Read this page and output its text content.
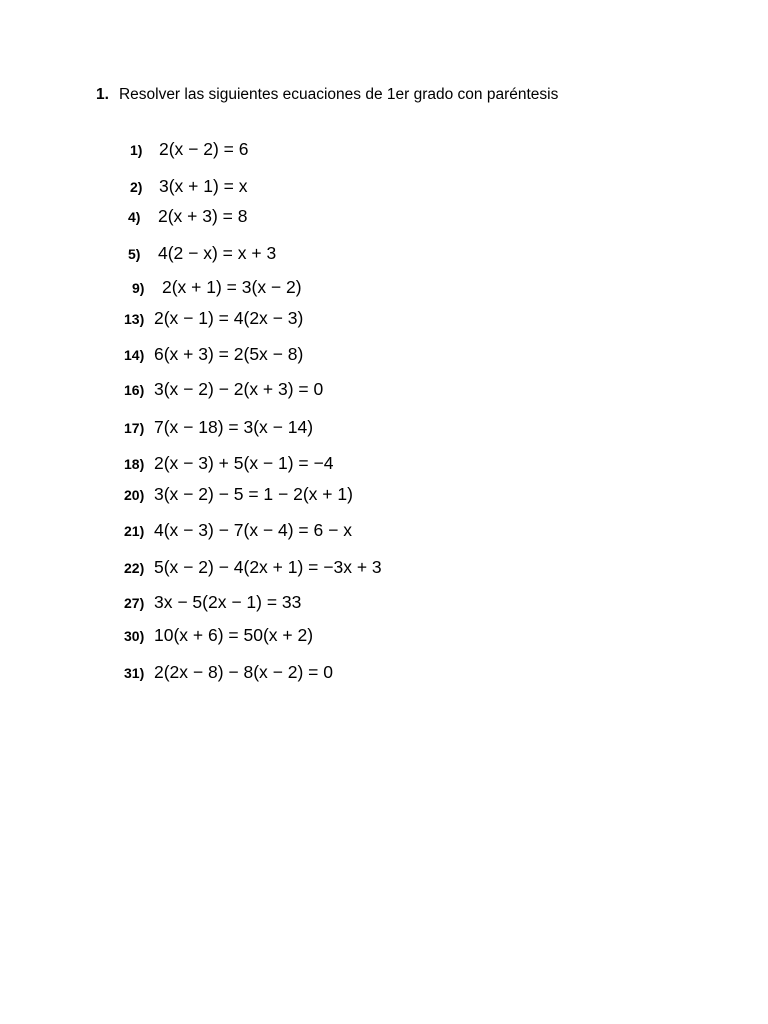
1. Resolver las siguientes ecuaciones de 1er grado con paréntesis
1) 2(x − 2) = 6
2) 3(x + 1) = x
4)	2(x + 3) = 8
5)	4(2 − x) = x + 3
9)	2(x + 1) = 3(x − 2)
13) 2(x − 1) = 4(2x − 3)
14) 6(x + 3) = 2(5x − 8)
16) 3(x − 2) − 2(x + 3) = 0
17) 7(x − 18) = 3(x − 14)
18) 2(x − 3) + 5(x − 1) = −4
20) 3(x − 2) − 5 = 1 − 2(x + 1)
21) 4(x − 3) − 7(x − 4) = 6 − x
22) 5(x − 2) − 4(2x + 1) = −3x + 3
27) 3x − 5(2x − 1) = 33
30) 10(x + 6) = 50(x + 2)
31) 2(2x − 8) − 8(x − 2) = 0
